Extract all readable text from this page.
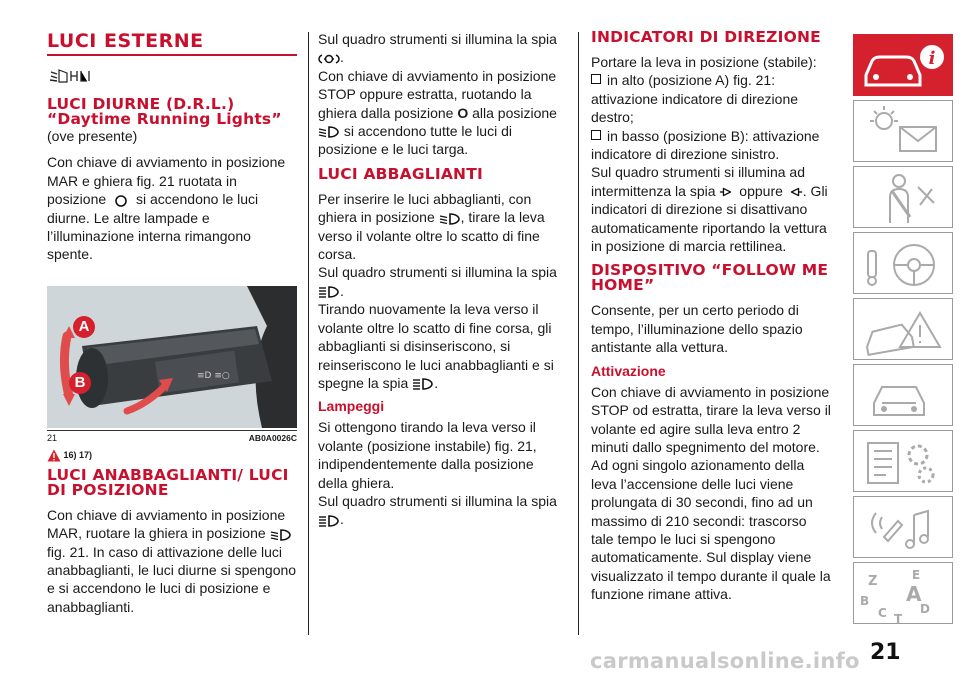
LUCI ESTERNE
LUCI DIURNE (D.R.L.) “Daytime Running Lights”

(ove presente)

Con chiave di avviamento in posizione MAR e ghiera fig. 21 ruotata in posizione si accendono le luci diurne. Le altre lampade e l’illuminazione interna rimangono spente.

≡D ≡○
A
B
21	AB0A0026C
16) 17)
LUCI ANABBAGLIANTI/ LUCI DI POSIZIONE

Con chiave di avviamento in posizione MAR, ruotare la ghiera in posizione  fig. 21. In caso di attivazione delle luci anabbaglianti, le luci diurne si spengono e si accendono le luci di posizione e anabbaglianti.

Sul quadro strumenti si illumina la spia .

Con chiave di avviamento in posizione STOP oppure estratta, ruotando la ghiera dalla posizione O alla posizione  si accendono tutte le luci di posizione e le luci targa.

LUCI ABBAGLIANTI

Per inserire le luci abbaglianti, con ghiera in posizione , tirare la leva verso il volante oltre lo scatto di fine corsa.

Sul quadro strumenti si illumina la spia .

Tirando nuovamente la leva verso il volante oltre lo scatto di fine corsa, gli abbaglianti si disinseriscono, si reinseriscono le luci anabbaglianti e si spegne la spia .

Lampeggi

Si ottengono tirando la leva verso il volante (posizione instabile) fig. 21, indipendentemente dalla posizione della ghiera.

Sul quadro strumenti si illumina la spia .

INDICATORI DI DIREZIONE

Portare la leva in posizione (stabile):

in alto (posizione A) fig. 21: attivazione indicatore di direzione destro;

in basso (posizione B): attivazione indicatore di direzione sinistro.

Sul quadro strumenti si illumina ad intermittenza la spia oppure . Gli indicatori di direzione si disattivano automaticamente riportando la vettura in posizione di marcia rettilinea.

DISPOSITIVO “FOLLOW ME HOME”

Consente, per un certo periodo di tempo, l’illuminazione dello spazio antistante alla vettura.

Attivazione

Con chiave di avviamento in posizione STOP od estratta, tirare la leva verso il volante ed agire sulla leva entro 2 minuti dallo spegnimento del motore. Ad ogni singolo azionamento della leva l’accensione delle luci viene prolungata di 30 secondi, fino ad un massimo di 210 secondi: trascorso tale tempo le luci si spengono automaticamente. Sul display viene visualizzato il tempo durante il quale la funzione rimane attiva.

i
Z	E
B A
C	D
T
carmanualsonline.info 21
